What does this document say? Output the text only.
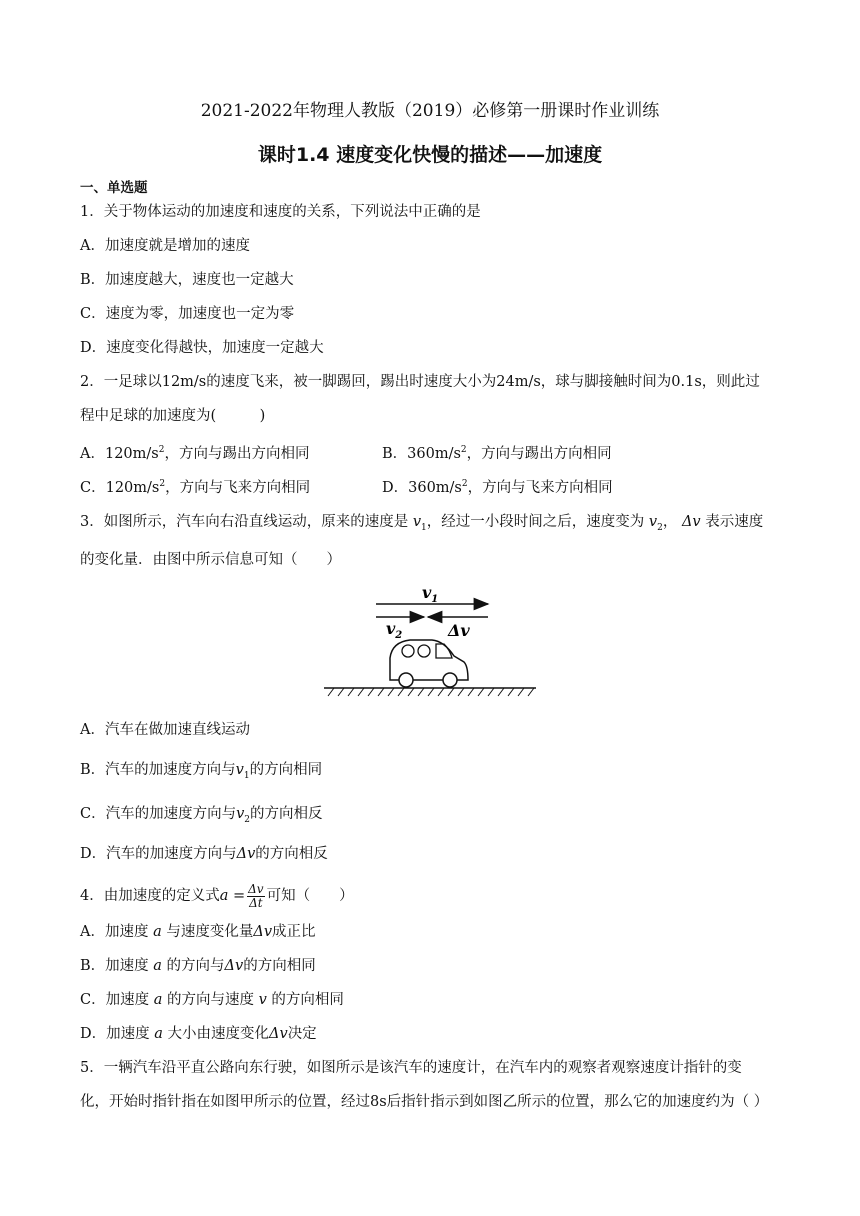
2021-2022年物理人教版（2019）必修第一册课时作业训练
课时1.4 速度变化快慢的描述——加速度
一、单选题
1．关于物体运动的加速度和速度的关系，下列说法中正确的是
A．加速度就是增加的速度
B．加速度越大，速度也一定越大
C．速度为零，加速度也一定为零
D．速度变化得越快，加速度一定越大
2．一足球以12m/s的速度飞来，被一脚踢回，踢出时速度大小为24m/s，球与脚接触时间为0.1s，则此过
程中足球的加速度为(　　　)
A．$120m/s^2$，方向与踢出方向相同	B．$360m/s^2$，方向与踢出方向相同
C．$120m/s^2$，方向与飞来方向相同	D．$360m/s^2$，方向与飞来方向相同
3．如图所示，汽车向右沿直线运动，原来的速度是 $v_1$，经过一小段时间之后，速度变为 $v_2$， Δv 表示速度
的变化量．由图中所示信息可知（　　）
$v_1$
$v_2$	Δv
A．汽车在做加速直线运动
B．汽车的加速度方向与$v_1$的方向相同
C．汽车的加速度方向与$v_2$的方向相反
D．汽车的加速度方向与Δv的方向相反
4．由加速度的定义式$a = \frac{\Delta v}{\Delta t}$ 可知（　　）
A．加速度 a 与速度变化量Δv成正比
B．加速度 a 的方向与Δv的方向相同
C．加速度 a 的方向与速度 v 的方向相同
D．加速度 a 大小由速度变化Δv决定
5．一辆汽车沿平直公路向东行驶，如图所示是该汽车的速度计，在汽车内的观察者观察速度计指针的变
化，开始时指针指在如图甲所示的位置，经过8s后指针指示到如图乙所示的位置，那么它的加速度约为（ ）
